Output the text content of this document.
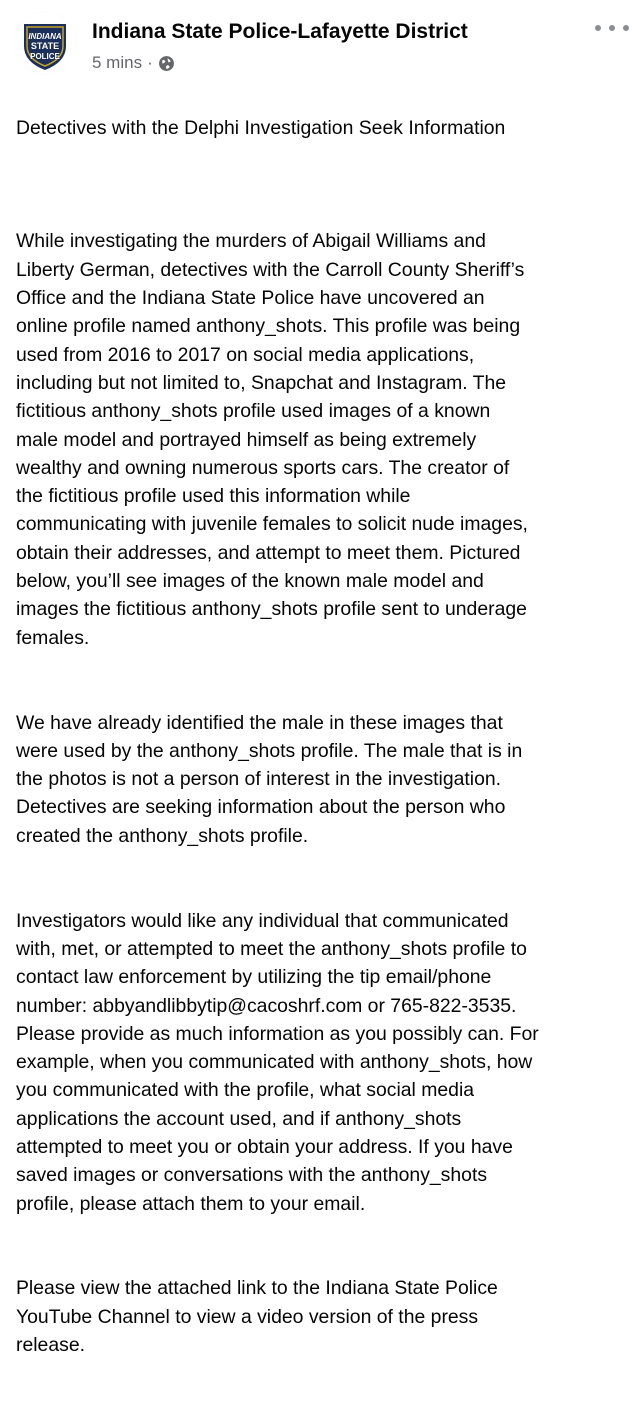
INDIANA
STATE
POLICE
Indiana State Police-Lafayette District
5 mins ·

Detectives with the Delphi Investigation Seek Information

While investigating the murders of Abigail Williams and
Liberty German, detectives with the Carroll County Sheriff’s
Office and the Indiana State Police have uncovered an
online profile named anthony_shots. This profile was being
used from 2016 to 2017 on social media applications,
including but not limited to, Snapchat and Instagram. The
fictitious anthony_shots profile used images of a known
male model and portrayed himself as being extremely
wealthy and owning numerous sports cars. The creator of
the fictitious profile used this information while
communicating with juvenile females to solicit nude images,
obtain their addresses, and attempt to meet them. Pictured
below, you’ll see images of the known male model and
images the fictitious anthony_shots profile sent to underage
females.

We have already identified the male in these images that
were used by the anthony_shots profile. The male that is in
the photos is not a person of interest in the investigation.
Detectives are seeking information about the person who
created the anthony_shots profile.

Investigators would like any individual that communicated
with, met, or attempted to meet the anthony_shots profile to
contact law enforcement by utilizing the tip email/phone
number: abbyandlibbytip@cacoshrf.com or 765-822-3535.
Please provide as much information as you possibly can. For
example, when you communicated with anthony_shots, how
you communicated with the profile, what social media
applications the account used, and if anthony_shots
attempted to meet you or obtain your address. If you have
saved images or conversations with the anthony_shots
profile, please attach them to your email.

Please view the attached link to the Indiana State Police
YouTube Channel to view a video version of the press
release.
